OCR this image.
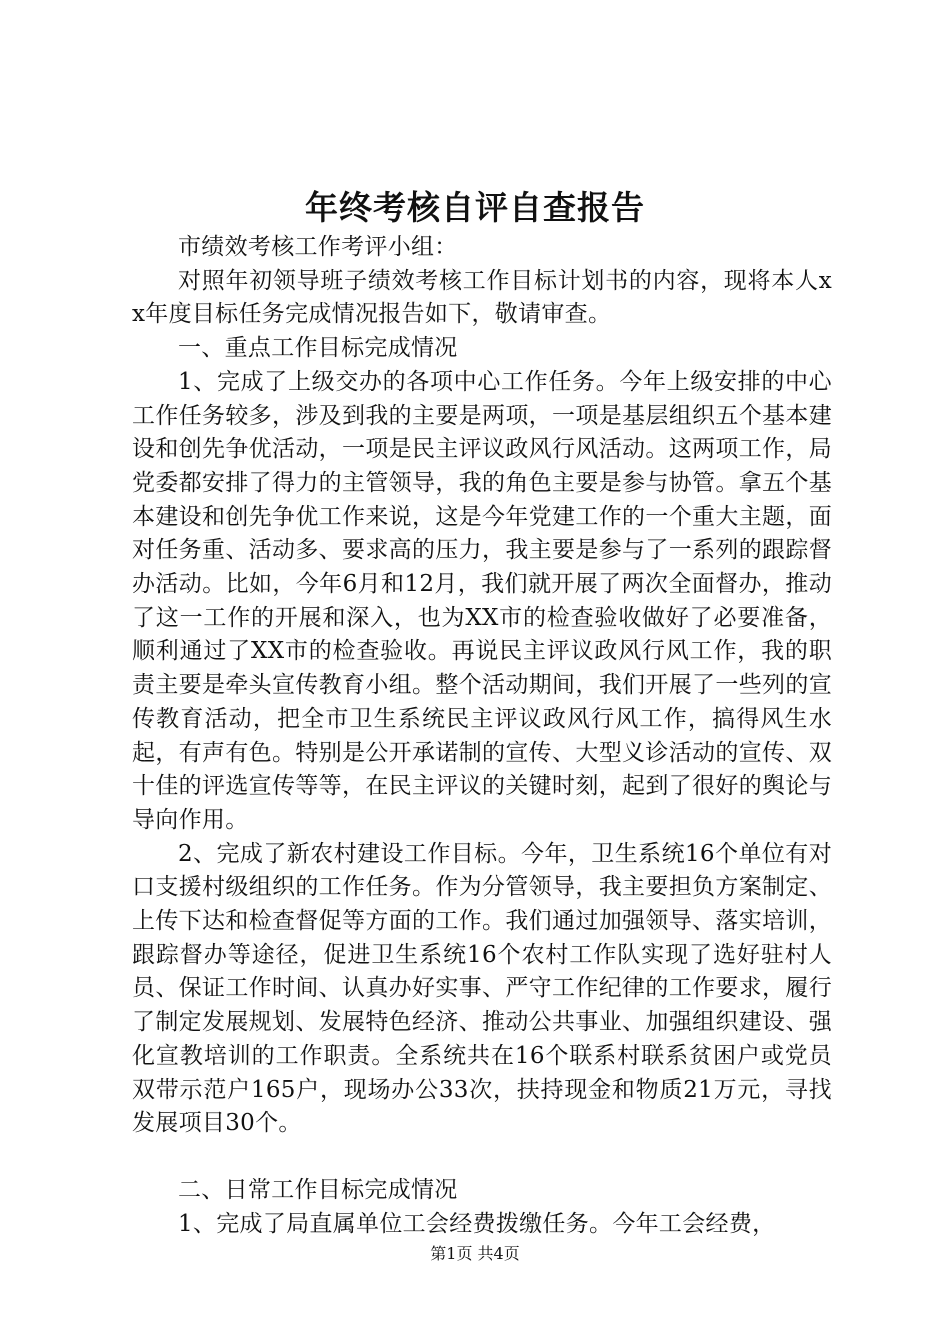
年终考核自评自查报告

市绩效考核工作考评小组：

对照年初领导班子绩效考核工作目标计划书的内容，现将本人xx年度目标任务完成情况报告如下，敬请审查。

一、重点工作目标完成情况

1、完成了上级交办的各项中心工作任务。今年上级安排的中心工作任务较多，涉及到我的主要是两项，一项是基层组织五个基本建设和创先争优活动，一项是民主评议政风行风活动。这两项工作，局党委都安排了得力的主管领导，我的角色主要是参与协管。拿五个基本建设和创先争优工作来说，这是今年党建工作的一个重大主题，面对任务重、活动多、要求高的压力，我主要是参与了一系列的跟踪督办活动。比如，今年6月和12月，我们就开展了两次全面督办，推动了这一工作的开展和深入，也为XX市的检查验收做好了必要准备，顺利通过了XX市的检查验收。再说民主评议政风行风工作，我的职责主要是牵头宣传教育小组。整个活动期间，我们开展了一些列的宣传教育活动，把全市卫生系统民主评议政风行风工作，搞得风生水起，有声有色。特别是公开承诺制的宣传、大型义诊活动的宣传、双十佳的评选宣传等等，在民主评议的关键时刻，起到了很好的舆论与导向作用。

2、完成了新农村建设工作目标。今年，卫生系统16个单位有对口支援村级组织的工作任务。作为分管领导，我主要担负方案制定、上传下达和检查督促等方面的工作。我们通过加强领导、落实培训，跟踪督办等途径，促进卫生系统16个农村工作队实现了选好驻村人员、保证工作时间、认真办好实事、严守工作纪律的工作要求，履行了制定发展规划、发展特色经济、推动公共事业、加强组织建设、强化宣教培训的工作职责。全系统共在16个联系村联系贫困户或党员双带示范户165户，现场办公33次，扶持现金和物质21万元，寻找发展项目30个。

二、日常工作目标完成情况

1、完成了局直属单位工会经费拨缴任务。今年工会经费，

第1页 共4页
